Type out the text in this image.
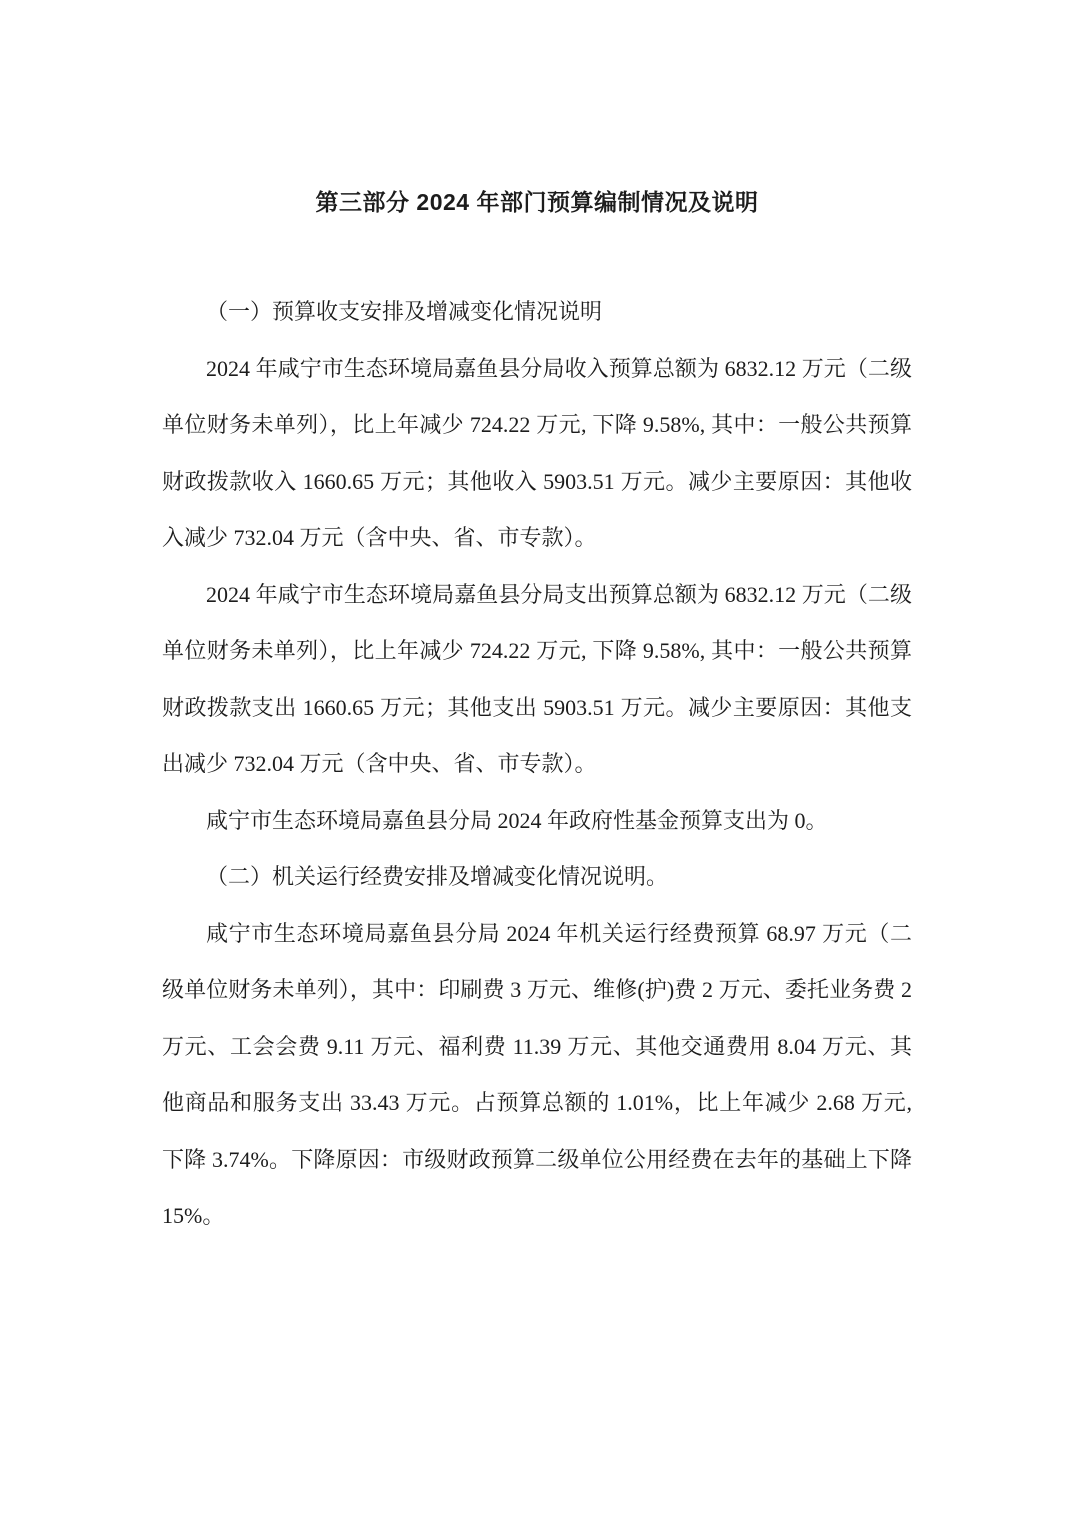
第三部分 2024 年部门预算编制情况及说明

（一）预算收支安排及增减变化情况说明

2024 年咸宁市生态环境局嘉鱼县分局收入预算总额为 6832.12 万元（二级单位财务未单列），比上年减少 724.22 万元, 下降 9.58%, 其中：一般公共预算财政拨款收入 1660.65 万元；其他收入 5903.51 万元。减少主要原因：其他收入减少 732.04 万元（含中央、省、市专款）。

2024 年咸宁市生态环境局嘉鱼县分局支出预算总额为 6832.12 万元（二级单位财务未单列），比上年减少 724.22 万元, 下降 9.58%, 其中：一般公共预算财政拨款支出 1660.65 万元；其他支出 5903.51 万元。减少主要原因：其他支出减少 732.04 万元（含中央、省、市专款）。

咸宁市生态环境局嘉鱼县分局 2024 年政府性基金预算支出为 0。

（二）机关运行经费安排及增减变化情况说明。

咸宁市生态环境局嘉鱼县分局 2024 年机关运行经费预算 68.97 万元（二级单位财务未单列），其中：印刷费 3 万元、维修(护)费 2 万元、委托业务费 2 万元、工会会费 9.11 万元、福利费 11.39 万元、其他交通费用 8.04 万元、其他商品和服务支出 33.43 万元。占预算总额的 1.01%，比上年减少 2.68 万元, 下降 3.74%。下降原因：市级财政预算二级单位公用经费在去年的基础上下降 15%。
